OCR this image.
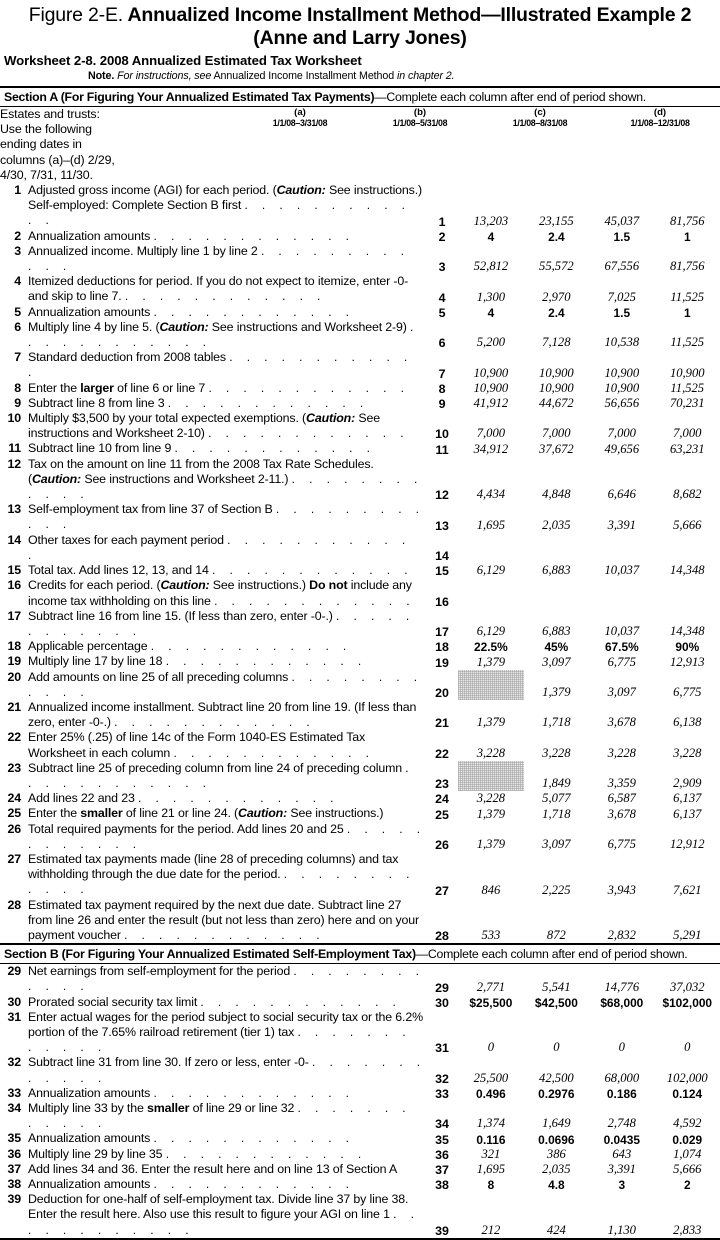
Figure 2-E. Annualized Income Installment Method—Illustrated Example 2
(Anne and Larry Jones)
Worksheet 2-8. 2008 Annualized Estimated Tax Worksheet
Note. For instructions, see Annualized Income Installment Method in chapter 2.
Section A (For Figuring Your Annualized Estimated Tax Payments)—Complete each column after end of period shown.
Estates and trusts: Use the following ending dates in columns (a)–(d) 2/29,
4/30, 7/31, 11/30.

(a)
1/1/08–3/31/08

(b)
1/1/08–5/31/08

(c)
1/1/08–8/31/08

(d)
1/1/08–12/31/08
1 Adjusted gross income (AGI) for each period. (Caution: See instructions.) Self-employed: Complete Section B first . . . . . . . . . . . .	1	13,203	23,155	45,037	81,756

2 Annualization amounts . . . . . . . . . . . .	2	4	2.4	1.5	1

3 Annualized income. Multiply line 1 by line 2 . . . . . . . . . . . .	3	52,812	55,572	67,556	81,756

4 Itemized deductions for period. If you do not expect to itemize, enter -0- and skip to line 7. . . . . . . . . . . . .	4	1,300	2,970	7,025	11,525

5 Annualization amounts . . . . . . . . . . . .	5	4	2.4	1.5	1

6 Multiply line 4 by line 5. (Caution: See instructions and Worksheet 2-9) . . . . . . . . . . . .	6	5,200	7,128	10,538	11,525

7 Standard deduction from 2008 tables . . . . . . . . . . . .	7	10,900	10,900	10,900	10,900

8 Enter the larger of line 6 or line 7 . . . . . . . . . . . .	8	10,900	10,900	10,900	11,525

9 Subtract line 8 from line 3 . . . . . . . . . . . .	9	41,912	44,672	56,656	70,231

10 Multiply $3,500 by your total expected exemptions. (Caution: See instructions and Worksheet 2-10) . . . . . . . . . . . .	10	7,000	7,000	7,000	7,000

11 Subtract line 10 from line 9 . . . . . . . . . . . .	11	34,912	37,672	49,656	63,231

12 Tax on the amount on line 11 from the 2008 Tax Rate Schedules. (Caution: See instructions and Worksheet 2-11.) . . . . . . . . . . . .	12	4,434	4,848	6,646	8,682

13 Self-employment tax from line 37 of Section B . . . . . . . . . . . .	13	1,695	2,035	3,391	5,666

14 Other taxes for each payment period . . . . . . . . . . . .	14				

15 Total tax. Add lines 12, 13, and 14 . . . . . . . . . . . .	15	6,129	6,883	10,037	14,348

16 Credits for each period. (Caution: See instructions.) Do not include any income tax withholding on this line . . . . . . . . . . . .	16				

17 Subtract line 16 from line 15. (If less than zero, enter -0-.) . . . . . . . . . . . .	17	6,129	6,883	10,037	14,348

18 Applicable percentage . . . . . . . . . . . .	18	22.5%	45%	67.5%	90%

19 Multiply line 17 by line 18 . . . . . . . . . . . .	19	1,379	3,097	6,775	12,913

20 Add amounts on line 25 of all preceding columns . . . . . . . . . . . .	20		1,379	3,097	6,775

21 Annualized income installment. Subtract line 20 from line 19. (If less than zero, enter -0-.) . . . . . . . . . . . .	21	1,379	1,718	3,678	6,138

22 Enter 25% (.25) of line 14c of the Form 1040-ES Estimated Tax Worksheet in each column . . . . . . . . . . . .	22	3,228	3,228	3,228	3,228

23 Subtract line 25 of preceding column from line 24 of preceding column . . . . . . . . . . . .	23		1,849	3,359	2,909

24 Add lines 22 and 23 . . . . . . . . . . . .	24	3,228	5,077	6,587	6,137

25 Enter the smaller of line 21 or line 24. (Caution: See instructions.)	25	1,379	1,718	3,678	6,137

26 Total required payments for the period. Add lines 20 and 25 . . . . . . . . . . . .	26	1,379	3,097	6,775	12,912

27 Estimated tax payments made (line 28 of preceding columns) and tax withholding through the due date for the period. . . . . . . . . . . . .	27	846	2,225	3,943	7,621

28 Estimated tax payment required by the next due date. Subtract line 27 from line 26 and enter the result (but not less than zero) here and on your payment voucher . . . . . . . . . . . .	28	533	872	2,832	5,291
Section B (For Figuring Your Annualized Estimated Self-Employment Tax)—Complete each column after end of period shown.
29 Net earnings from self-employment for the period . . . . . . . . . . . .	29	2,771	5,541	14,776	37,032

30 Prorated social security tax limit . . . . . . . . . . . .	30	$25,500	$42,500	$68,000	$102,000

31 Enter actual wages for the period subject to social security tax or the 6.2% portion of the 7.65% railroad retirement (tier 1) tax . . . . . . . . . . . .	31	0	0	0	0

32 Subtract line 31 from line 30. If zero or less, enter -0- . . . . . . . . . . . .	32	25,500	42,500	68,000	102,000

33 Annualization amounts . . . . . . . . . . . .	33	0.496	0.2976	0.186	0.124

34 Multiply line 33 by the smaller of line 29 or line 32 . . . . . . . . . . . .	34	1,374	1,649	2,748	4,592

35 Annualization amounts . . . . . . . . . . . .	35	0.116	0.0696	0.0435	0.029

36 Multiply line 29 by line 35 . . . . . . . . . . . .	36	321	386	643	1,074

37 Add lines 34 and 36. Enter the result here and on line 13 of Section A	37	1,695	2,035	3,391	5,666

38 Annualization amounts . . . . . . . . . . . .	38	8	4.8	3	2

39 Deduction for one-half of self-employment tax. Divide line 37 by line 38. Enter the result here. Also use this result to figure your AGI on line 1 . . . . . . . . . . . .	39	212	424	1,130	2,833
